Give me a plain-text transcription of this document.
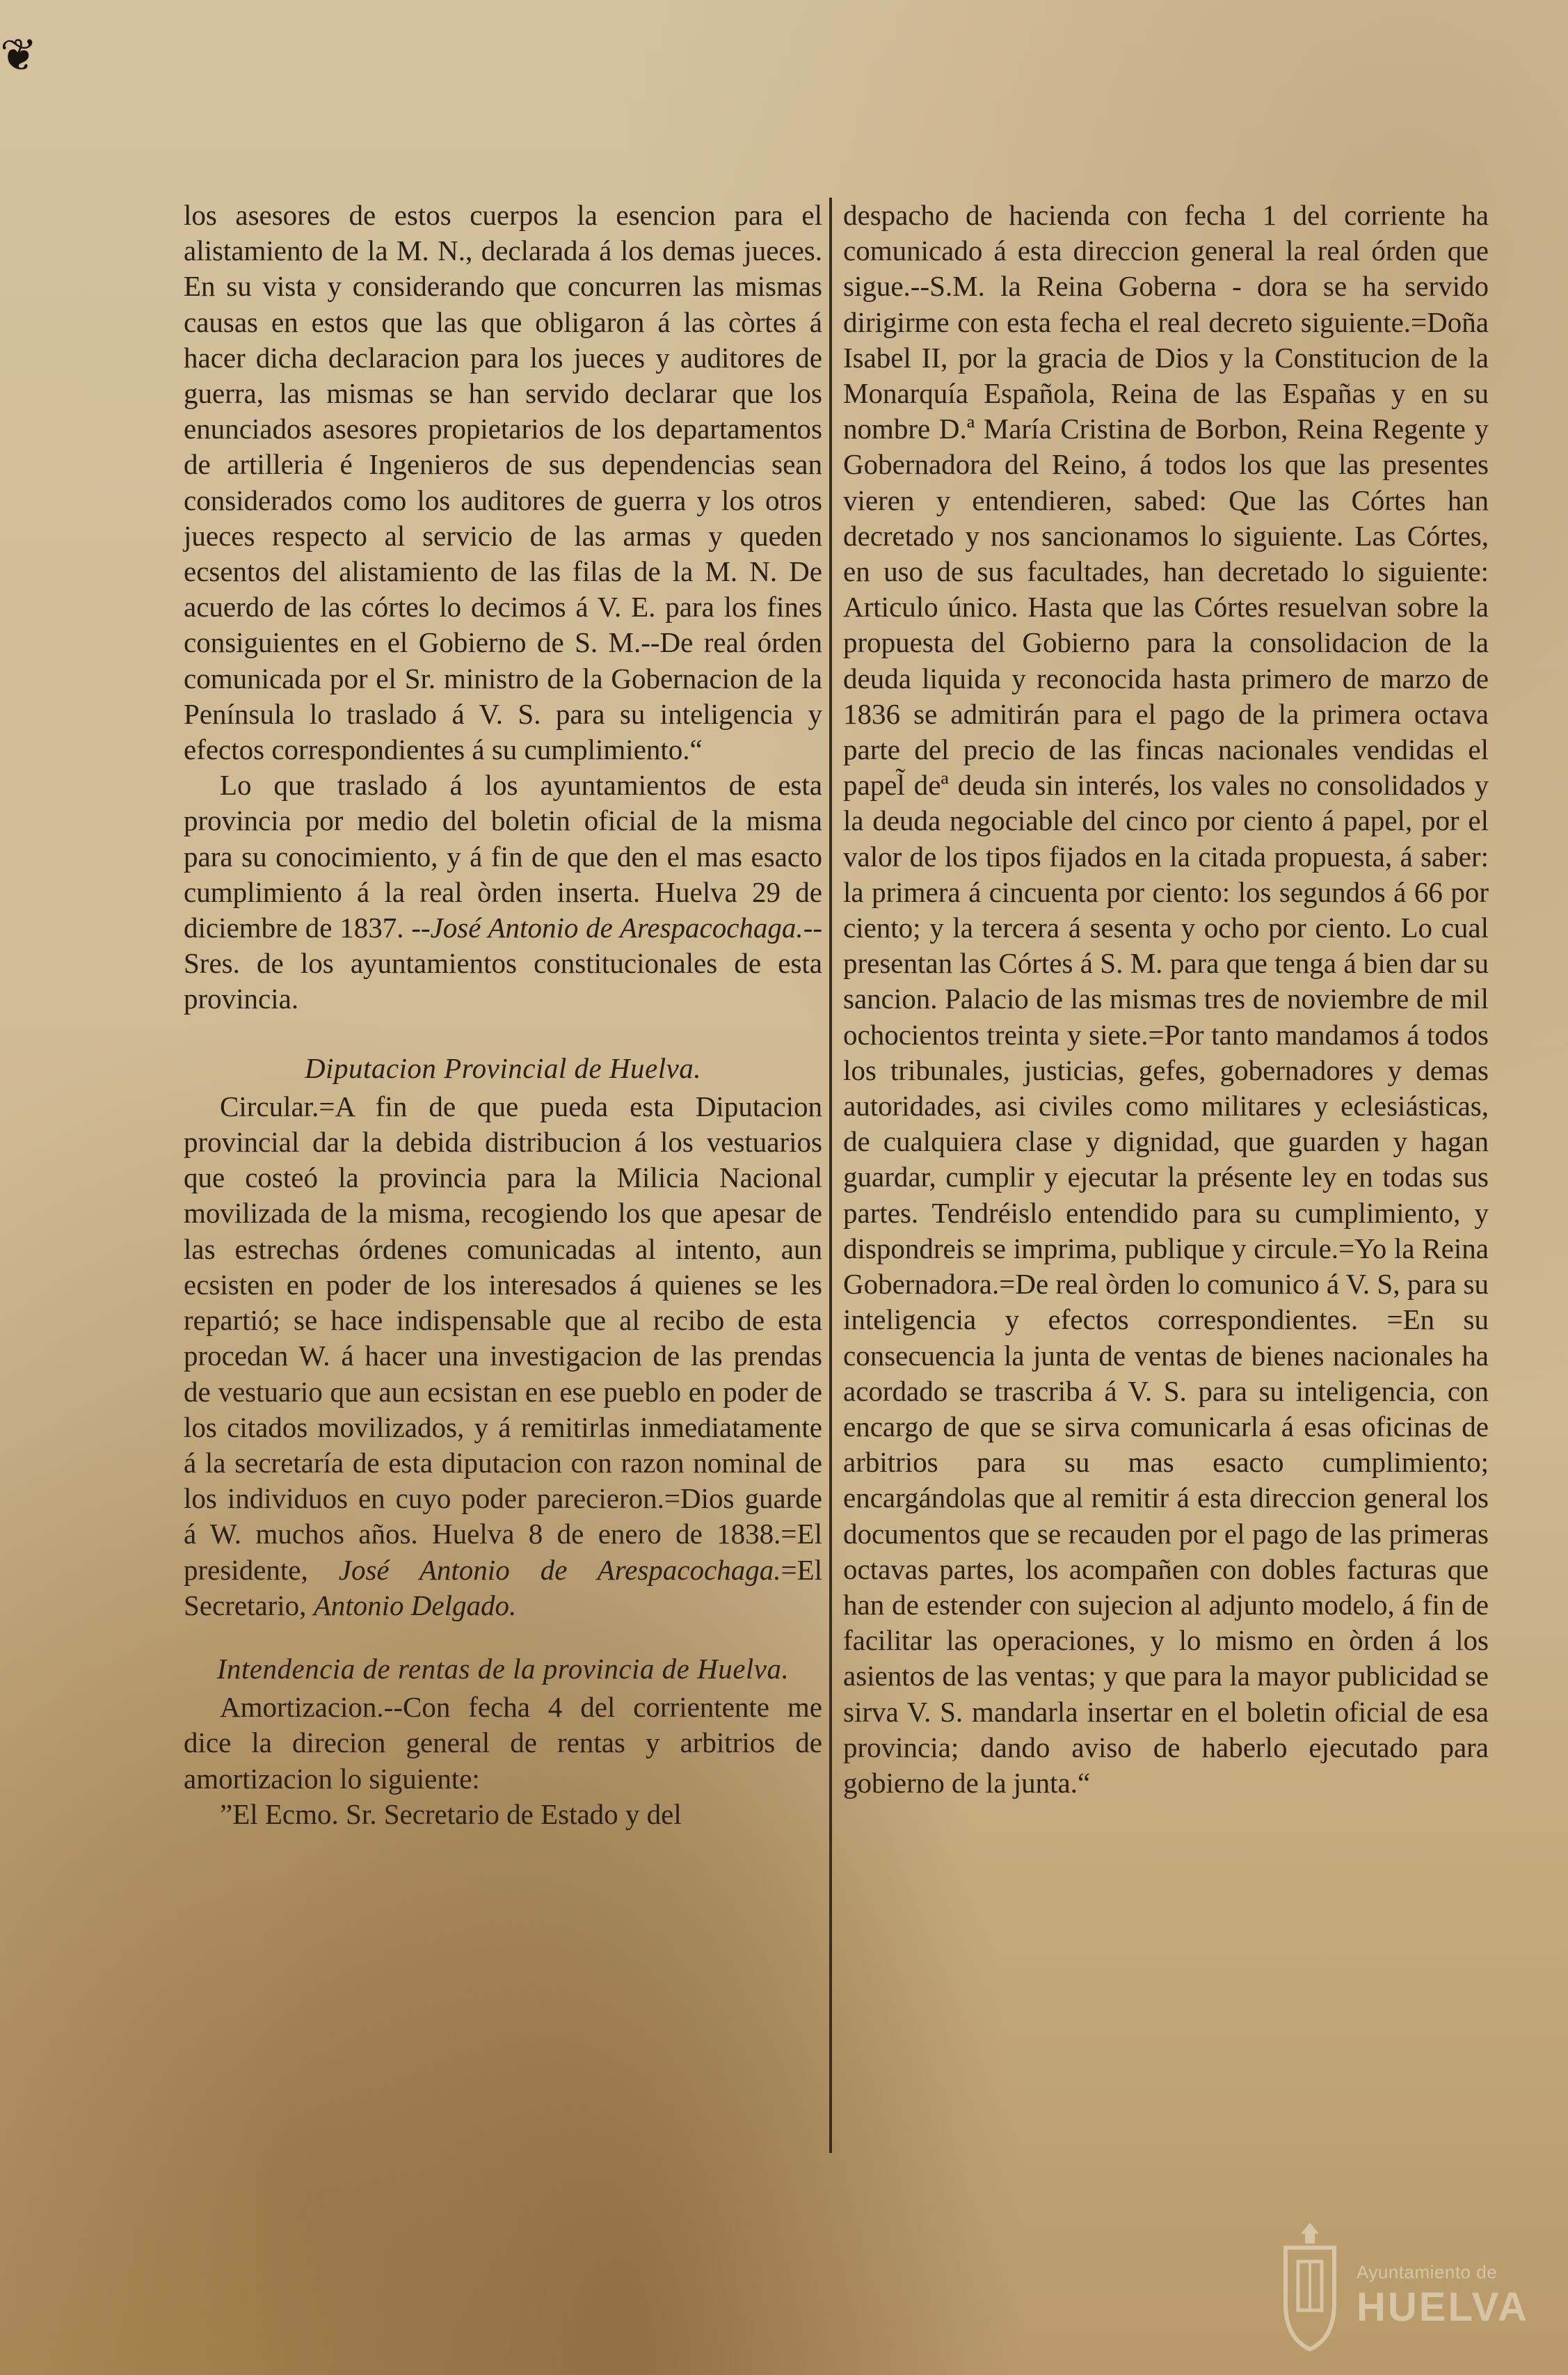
❦

los asesores de estos cuerpos la esencion para el alistamiento de la M. N., declarada á los demas jueces. En su vista y considerando que concurren las mismas causas en estos que las que obligaron á las còrtes á hacer dicha declaracion para los jueces y auditores de guerra, las mismas se han servido declarar que los enunciados asesores propietarios de los departamentos de artilleria é Ingenieros de sus dependencias sean considerados como los auditores de guerra y los otros jueces respecto al servicio de las armas y queden ecsentos del alistamiento de las filas de la M. N. De acuerdo de las córtes lo decimos á V. E. para los fines consiguientes en el Gobierno de S. M.--De real órden comunicada por el Sr. ministro de la Gobernacion de la Península lo traslado á V. S. para su inteligencia y efectos correspondientes á su cumplimiento.“

Lo que traslado á los ayuntamientos de esta provincia por medio del boletin oficial de la misma para su conocimiento, y á fin de que den el mas esacto cumplimiento á la real òrden inserta. Huelva 29 de diciembre de 1837. --José Antonio de Arespacochaga.--Sres. de los ayuntamientos constitucionales de esta provincia.

Diputacion Provincial de Huelva.

Circular.=A fin de que pueda esta Diputacion provincial dar la debida distribucion á los vestuarios que costeó la provincia para la Milicia Nacional movilizada de la misma, recogiendo los que apesar de las estrechas órdenes comunicadas al intento, aun ecsisten en poder de los interesados á quienes se les repartió; se hace indispensable que al recibo de esta procedan W. á hacer una investigacion de las prendas de vestuario que aun ecsistan en ese pueblo en poder de los citados movilizados, y á remitirlas inmediatamente á la secretaría de esta diputacion con razon nominal de los individuos en cuyo poder parecieron.=Dios guarde á W. muchos años. Huelva 8 de enero de 1838.=El presidente, José Antonio de Arespacochaga.=El Secretario, Antonio Delgado.

Intendencia de rentas de la provincia de Huelva.

Amortizacion.--Con fecha 4 del corrientente me dice la direcion general de rentas y arbitrios de amortizacion lo siguiente:

”El Ecmo. Sr. Secretario de Estado y del

despacho de hacienda con fecha 1 del corriente ha comunicado á esta direccion general la real órden que sigue.--S.M. la Reina Goberna - dora se ha servido dirigirme con esta fecha el real decreto siguiente.=Doña Isabel II, por la gracia de Dios y la Constitucion de la Monarquía Española, Reina de las Españas y en su nombre D.ª María Cristina de Borbon, Reina Regente y Gobernadora del Reino, á todos los que las presentes vieren y entendieren, sabed: Que las Córtes han decretado y nos sancionamos lo siguiente. Las Córtes, en uso de sus facultades, han decretado lo siguiente: Articulo único. Hasta que las Córtes resuelvan sobre la propuesta del Gobierno para la consolidacion de la deuda liquida y reconocida hasta primero de marzo de 1836 se admitirán para el pago de la primera octava parte del precio de las fincas nacionales vendidas el papel̃ deª deuda sin interés, los vales no consolidados y la deuda negociable del cinco por ciento á papel, por el valor de los tipos fijados en la citada propuesta, á saber: la primera á cincuenta por ciento: los segundos á 66 por ciento; y la tercera á sesenta y ocho por ciento. Lo cual presentan las Córtes á S. M. para que tenga á bien dar su sancion. Palacio de las mismas tres de noviembre de mil ochocientos treinta y siete.=Por tanto mandamos á todos los tribunales, justicias, gefes, gobernadores y demas autoridades, asi civiles como militares y eclesiásticas, de cualquiera clase y dignidad, que guarden y hagan guardar, cumplir y ejecutar la présente ley en todas sus partes. Tendréislo entendido para su cumplimiento, y dispondreis se imprima, publique y circule.=Yo la Reina Gobernadora.=De real òrden lo comunico á V. S, para su inteligencia y efectos correspondientes. =En su consecuencia la junta de ventas de bienes nacionales ha acordado se trascriba á V. S. para su inteligencia, con encargo de que se sirva comunicarla á esas oficinas de arbitrios para su mas esacto cumplimiento; encargándolas que al remitir á esta direccion general los documentos que se recauden por el pago de las primeras octavas partes, los acompañen con dobles facturas que han de estender con sujecion al adjunto modelo, á fin de facilitar las operaciones, y lo mismo en òrden á los asientos de las ventas; y que para la mayor publicidad se sirva V. S. mandarla insertar en el boletin oficial de esa provincia; dando aviso de haberlo ejecutado para gobierno de la junta.“

Ayuntamiento de
HUELVA
